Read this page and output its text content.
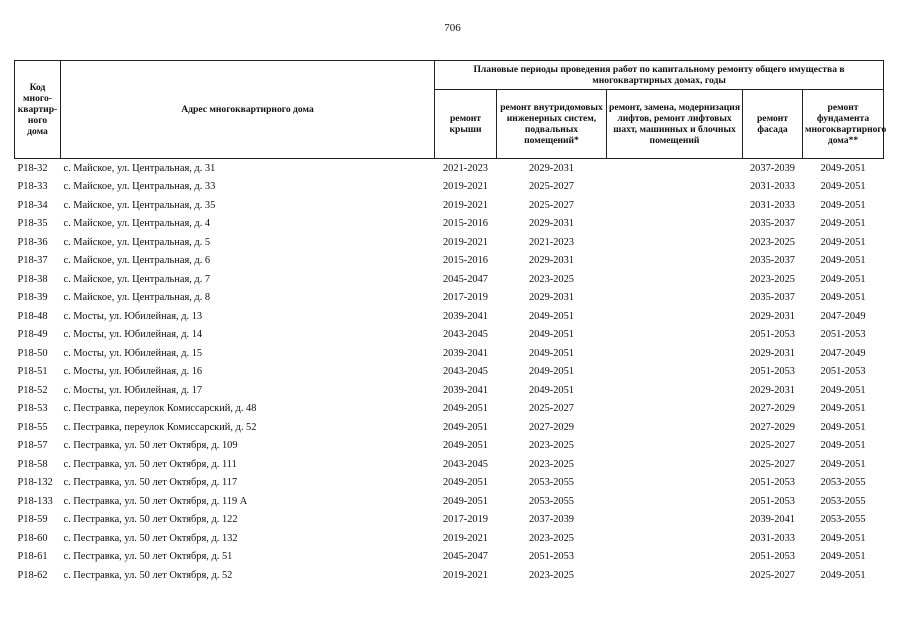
706
Код много-квартир-ного дома	Адрес многоквартирного дома	Плановые периоды проведения работ по капитальному ремонту общего имущества в многоквартирных домах, годы				
		ремонт крыши	ремонт внутридомовых инженерных систем, подвальных помещений*	ремонт, замена, модернизация лифтов, ремонт лифтовых шахт, машинных и блочных помещений	ремонт фасада	ремонт фундамента многоквартирного дома**
P18-32	с. Майское, ул. Центральная, д. 31	2021-2023	2029-2031		2037-2039	2049-2051
P18-33	с. Майское, ул. Центральная, д. 33	2019-2021	2025-2027		2031-2033	2049-2051
P18-34	с. Майское, ул. Центральная, д. 35	2019-2021	2025-2027		2031-2033	2049-2051
P18-35	с. Майское, ул. Центральная, д. 4	2015-2016	2029-2031		2035-2037	2049-2051
P18-36	с. Майское, ул. Центральная, д. 5	2019-2021	2021-2023		2023-2025	2049-2051
P18-37	с. Майское, ул. Центральная, д. 6	2015-2016	2029-2031		2035-2037	2049-2051
P18-38	с. Майское, ул. Центральная, д. 7	2045-2047	2023-2025		2023-2025	2049-2051
P18-39	с. Майское, ул. Центральная, д. 8	2017-2019	2029-2031		2035-2037	2049-2051
P18-48	с. Мосты, ул. Юбилейная, д. 13	2039-2041	2049-2051		2029-2031	2047-2049
P18-49	с. Мосты, ул. Юбилейная, д. 14	2043-2045	2049-2051		2051-2053	2051-2053
P18-50	с. Мосты, ул. Юбилейная, д. 15	2039-2041	2049-2051		2029-2031	2047-2049
P18-51	с. Мосты, ул. Юбилейная, д. 16	2043-2045	2049-2051		2051-2053	2051-2053
P18-52	с. Мосты, ул. Юбилейная, д. 17	2039-2041	2049-2051		2029-2031	2049-2051
P18-53	с. Пестравка, переулок Комиссарский, д. 48	2049-2051	2025-2027		2027-2029	2049-2051
P18-55	с. Пестравка, переулок Комиссарский, д. 52	2049-2051	2027-2029		2027-2029	2049-2051
P18-57	с. Пестравка, ул. 50 лет Октября, д. 109	2049-2051	2023-2025		2025-2027	2049-2051
P18-58	с. Пестравка, ул. 50 лет Октября, д. 111	2043-2045	2023-2025		2025-2027	2049-2051
P18-132	с. Пестравка, ул. 50 лет Октября, д. 117	2049-2051	2053-2055		2051-2053	2053-2055
P18-133	с. Пестравка, ул. 50 лет Октября, д. 119 А	2049-2051	2053-2055		2051-2053	2053-2055
P18-59	с. Пестравка, ул. 50 лет Октября, д. 122	2017-2019	2037-2039		2039-2041	2053-2055
P18-60	с. Пестравка, ул. 50 лет Октября, д. 132	2019-2021	2023-2025		2031-2033	2049-2051
P18-61	с. Пестравка, ул. 50 лет Октября, д. 51	2045-2047	2051-2053		2051-2053	2049-2051
P18-62	с. Пестравка, ул. 50 лет Октября, д. 52	2019-2021	2023-2025		2025-2027	2049-2051
